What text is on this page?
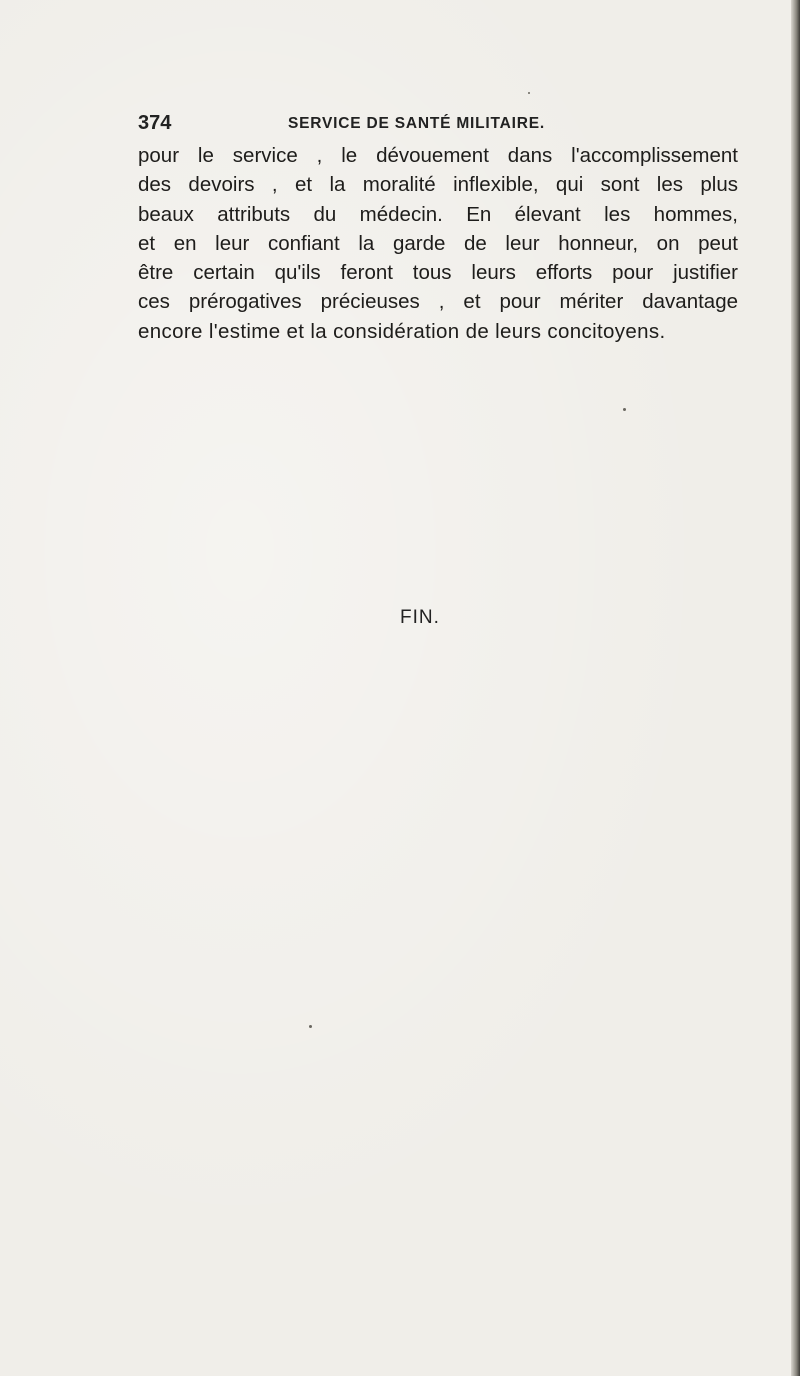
374	SERVICE DE SANTÉ MILITAIRE.
pour le service , le dévouement dans l'accomplissement
des devoirs , et la moralité inflexible, qui sont les plus
beaux attributs du médecin. En élevant les hommes,
et en leur confiant la garde de leur honneur, on peut
être certain qu'ils feront tous leurs efforts pour justifier
ces prérogatives précieuses , et pour mériter davantage
encore l'estime et la considération de leurs concitoyens.
FIN.
